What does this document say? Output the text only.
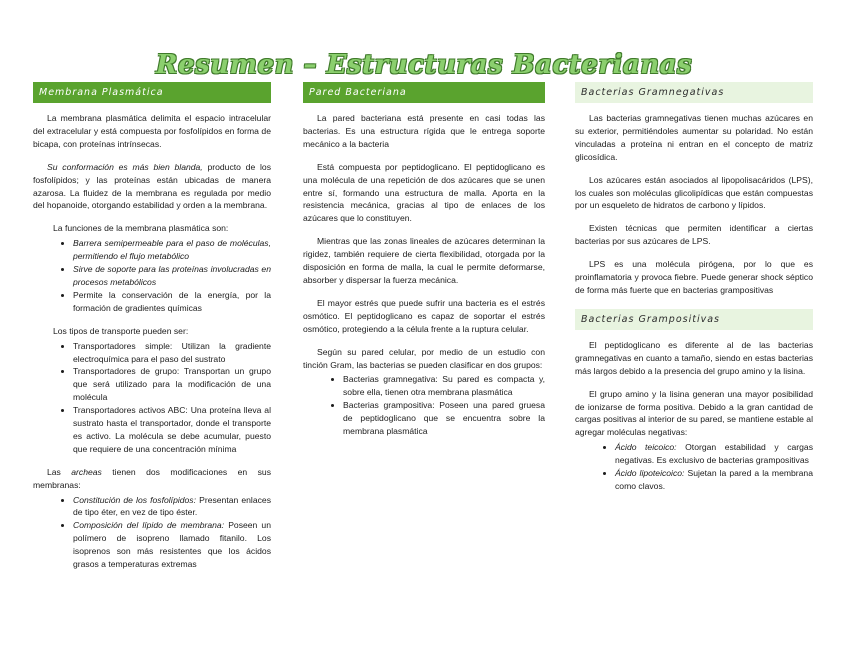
Resumen – Estructuras Bacterianas
Membrana Plasmática

La membrana plasmática delimita el espacio intracelular del extracelular y está compuesta por fosfolípidos en forma de bicapa, con proteínas intrínsecas.

Su conformación es más bien blanda, producto de los fosfolípidos; y las proteínas están ubicadas de manera azarosa. La fluidez de la membrana es regulada por medio del hopanoide, otorgando estabilidad y orden a la membrana.

La funciones de la membrana plasmática son:

• Barrera semipermeable para el paso de moléculas, permitiendo el flujo metabólico
• Sirve de soporte para las proteínas involucradas en procesos metabólicos
• Permite la conservación de la energía, por la formación de gradientes químicas

Los tipos de transporte pueden ser:

• Transportadores simple: Utilizan la gradiente electroquímica para el paso del sustrato
• Transportadores de grupo: Transportan un grupo que será utilizado para la modificación de una molécula
• Transportadores activos ABC: Una proteína lleva al sustrato hasta el transportador, donde el transporte es activo. La molécula se debe acumular, puesto que requiere de una concentración mínima

Las archeas tienen dos modificaciones en sus membranas:

• Constitución de los fosfolípidos: Presentan enlaces de tipo éter, en vez de tipo éster.
• Composición del lípido de membrana: Poseen un polímero de isopreno llamado fitanilo. Los isoprenos son más resistentes que los ácidos grasos a temperaturas extremas
Pared Bacteriana

La pared bacteriana está presente en casi todas las bacterias. Es una estructura rígida que le entrega soporte mecánico a la bacteria

Está compuesta por peptidoglicano. El peptidoglicano es una molécula de una repetición de dos azúcares que se unen entre sí, formando una estructura de malla. Aporta en la resistencia mecánica, gracias al tipo de enlaces de los azúcares que lo constituyen.

Mientras que las zonas lineales de azúcares determinan la rigidez, también requiere de cierta flexibilidad, otorgada por la disposición en forma de malla, la cual le permite deformarse, absorber y dispersar la fuerza mecánica.

El mayor estrés que puede sufrir una bacteria es el estrés osmótico. El peptidoglicano es capaz de soportar el estrés osmótico, protegiendo a la célula frente a la ruptura celular.

Según su pared celular, por medio de un estudio con tinción Gram, las bacterias se pueden clasificar en dos grupos:

• Bacterias gramnegativa: Su pared es compacta y, sobre ella, tienen otra membrana plasmática
• Bacterias grampositiva: Poseen una pared gruesa de peptidoglicano que se encuentra sobre la membrana plasmática
Bacterias Gramnegativas

Las bacterias gramnegativas tienen muchas azúcares en su exterior, permitiéndoles aumentar su polaridad. No están vinculadas a proteína ni entran en el concepto de matriz glicosídica.

Los azúcares están asociados al lipopolisacáridos (LPS), los cuales son moléculas glicolipídicas que están compuestas por un esqueleto de hidratos de carbono y lípidos.

Existen técnicas que permiten identificar a ciertas bacterias por sus azúcares de LPS.

LPS es una molécula pirógena, por lo que es proinflamatoria y provoca fiebre. Puede generar shock séptico de forma más fuerte que en bacterias grampositivas

Bacterias Grampositivas

El peptidoglicano es diferente al de las bacterias gramnegativas en cuanto a tamaño, siendo en estas bacterias más largos debido a la presencia del grupo amino y la lisina.

El grupo amino y la lisina generan una mayor posibilidad de ionizarse de forma positiva. Debido a la gran cantidad de cargas positivas al interior de su pared, se mantiene estable al agregar moléculas negativas:

• Ácido teicoico: Otorgan estabilidad y cargas negativas. Es exclusivo de bacterias grampositivas
• Ácido lipoteicoico: Sujetan la pared a la membrana como clavos.
